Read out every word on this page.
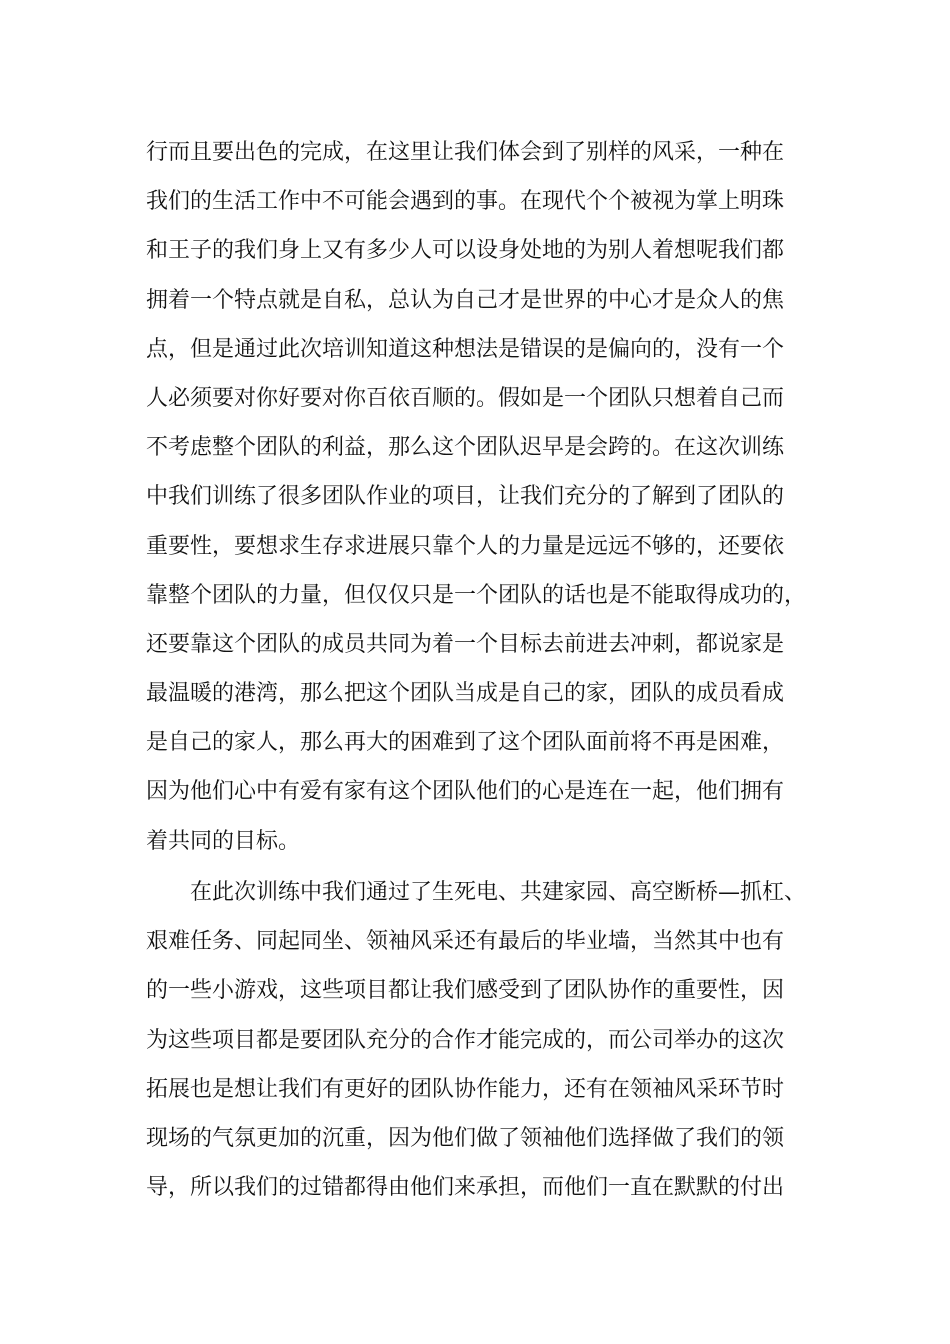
行而且要出色的完成，在这里让我们体会到了别样的风采，一种在
我们的生活工作中不可能会遇到的事。在现代个个被视为掌上明珠
和王子的我们身上又有多少人可以设身处地的为别人着想呢我们都
拥着一个特点就是自私，总认为自己才是世界的中心才是众人的焦
点，但是通过此次培训知道这种想法是错误的是偏向的，没有一个
人必须要对你好要对你百依百顺的。假如是一个团队只想着自己而
不考虑整个团队的利益，那么这个团队迟早是会跨的。在这次训练
中我们训练了很多团队作业的项目，让我们充分的了解到了团队的
重要性，要想求生存求进展只靠个人的力量是远远不够的，还要依
靠整个团队的力量，但仅仅只是一个团队的话也是不能取得成功的，
还要靠这个团队的成员共同为着一个目标去前进去冲刺，都说家是
最温暖的港湾，那么把这个团队当成是自己的家，团队的成员看成
是自己的家人，那么再大的困难到了这个团队面前将不再是困难，
因为他们心中有爱有家有这个团队他们的心是连在一起，他们拥有
着共同的目标。
在此次训练中我们通过了生死电、共建家园、高空断桥—抓杠、
艰难任务、同起同坐、领袖风采还有最后的毕业墙，当然其中也有
的一些小游戏，这些项目都让我们感受到了团队协作的重要性，因
为这些项目都是要团队充分的合作才能完成的，而公司举办的这次
拓展也是想让我们有更好的团队协作能力，还有在领袖风采环节时
现场的气氛更加的沉重，因为他们做了领袖他们选择做了我们的领
导，所以我们的过错都得由他们来承担，而他们一直在默默的付出
